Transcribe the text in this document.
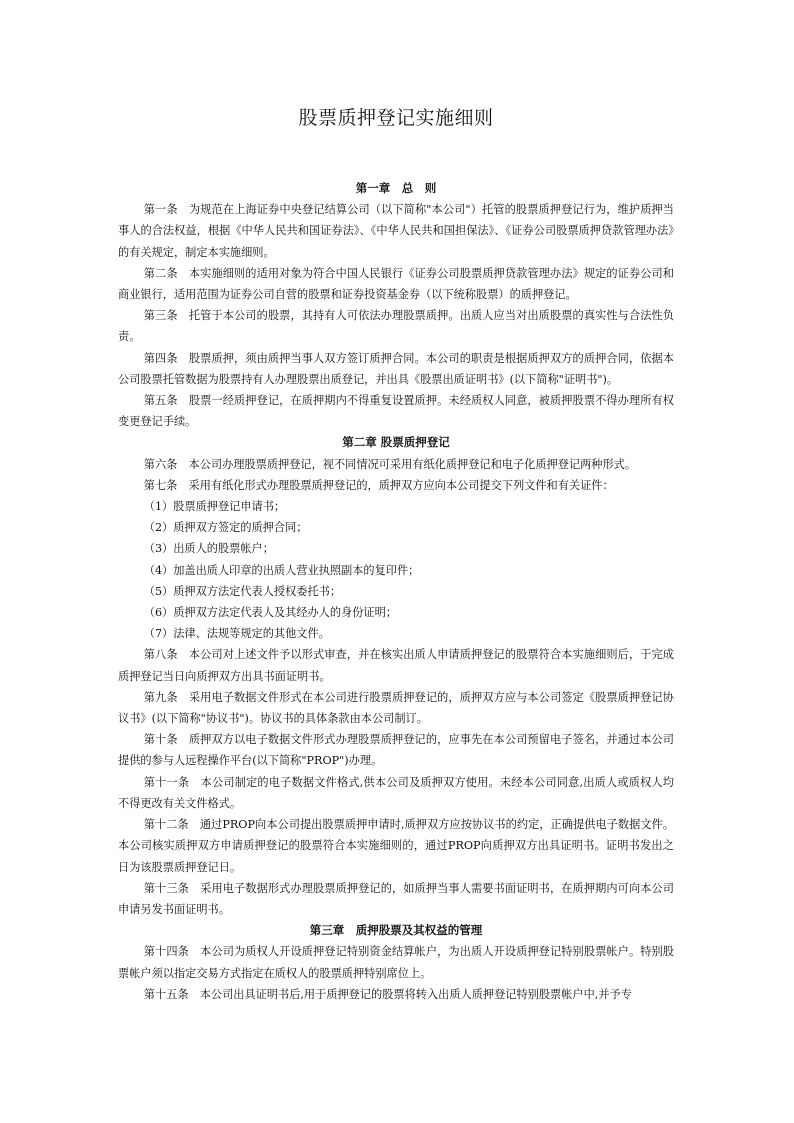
股票质押登记实施细则
第一章　总　则
第一条　为规范在上海证券中央登记结算公司（以下简称"本公司"）托管的股票质押登记行为，维护质押当事人的合法权益，根据《中华人民共和国证券法》、《中华人民共和国担保法》、《证券公司股票质押贷款管理办法》的有关规定，制定本实施细则。
第二条　本实施细则的适用对象为符合中国人民银行《证券公司股票质押贷款管理办法》规定的证券公司和商业银行，适用范围为证券公司自营的股票和证券投资基金券（以下统称股票）的质押登记。
第三条　托管于本公司的股票，其持有人可依法办理股票质押。出质人应当对出质股票的真实性与合法性负责。
第四条　股票质押，须由质押当事人双方签订质押合同。本公司的职责是根据质押双方的质押合同，依据本公司股票托管数据为股票持有人办理股票出质登记，并出具《股票出质证明书》(以下简称"证明书")。
第五条　股票一经质押登记，在质押期内不得重复设置质押。未经质权人同意，被质押股票不得办理所有权变更登记手续。
第二章 股票质押登记
第六条　本公司办理股票质押登记，视不同情况可采用有纸化质押登记和电子化质押登记两种形式。
第七条　采用有纸化形式办理股票质押登记的，质押双方应向本公司提交下列文件和有关证件：
（1）股票质押登记申请书；
（2）质押双方签定的质押合同；
（3）出质人的股票帐户；
（4）加盖出质人印章的出质人营业执照副本的复印件；
（5）质押双方法定代表人授权委托书；
（6）质押双方法定代表人及其经办人的身份证明；
（7）法律、法规等规定的其他文件。
第八条　本公司对上述文件予以形式审查，并在核实出质人申请质押登记的股票符合本实施细则后，于完成质押登记当日向质押双方出具书面证明书。
第九条　采用电子数据文件形式在本公司进行股票质押登记的，质押双方应与本公司签定《股票质押登记协议书》(以下简称"协议书")。协议书的具体条款由本公司制订。
第十条　质押双方以电子数据文件形式办理股票质押登记的，应事先在本公司预留电子签名，并通过本公司提供的参与人远程操作平台(以下简称"PROP")办理。
第十一条　本公司制定的电子数据文件格式,供本公司及质押双方使用。未经本公司同意,出质人或质权人均不得更改有关文件格式。
第十二条　通过PROP向本公司提出股票质押申请时,质押双方应按协议书的约定，正确提供电子数据文件。本公司核实质押双方申请质押登记的股票符合本实施细则的，通过PROP向质押双方出具证明书。证明书发出之日为该股票质押登记日。
第十三条　采用电子数据形式办理股票质押登记的，如质押当事人需要书面证明书，在质押期内可向本公司申请另发书面证明书。
第三章　质押股票及其权益的管理
第十四条　本公司为质权人开设质押登记特别资金结算帐户，为出质人开设质押登记特别股票帐户。特别股票帐户须以指定交易方式指定在质权人的股票质押特别席位上。
第十五条　本公司出具证明书后,用于质押登记的股票将转入出质人质押登记特别股票帐户中,并予专
